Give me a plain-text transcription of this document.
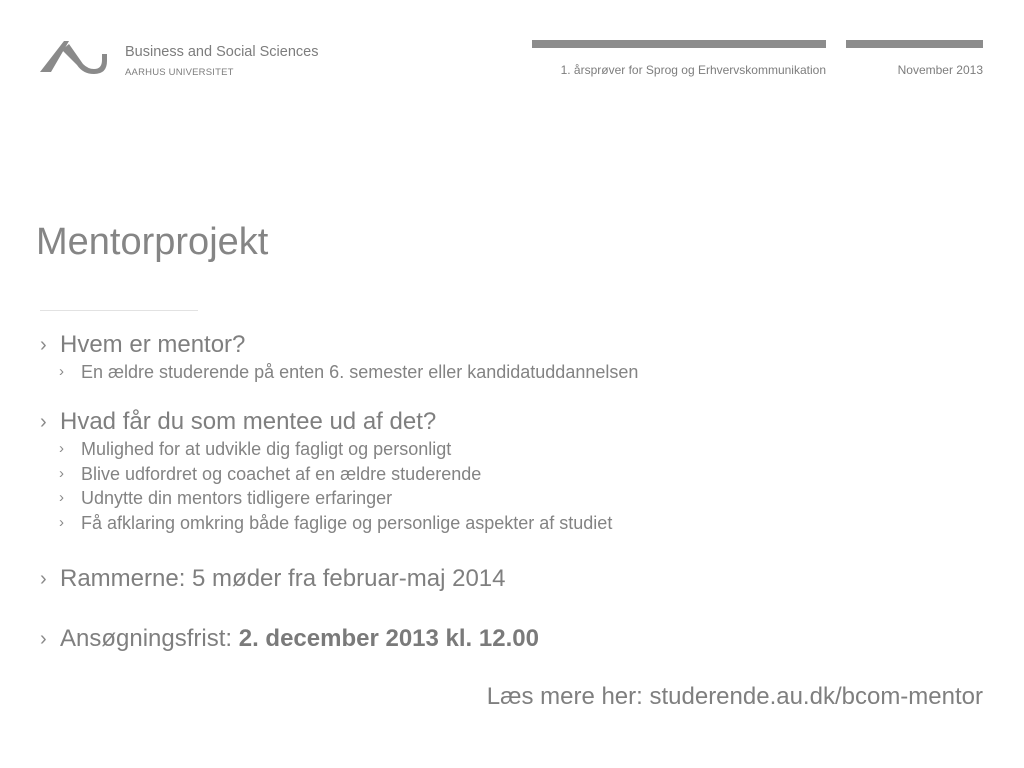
Business and Social Sciences
AARHUS UNIVERSITET	1. årsprøver for Sprog og Erhvervskommunikation	November 2013
Mentorprojekt
› Hvem er mentor?
› En ældre studerende på enten 6. semester eller kandidatuddannelsen
› Hvad får du som mentee ud af det?
› Mulighed for at udvikle dig fagligt og personligt
› Blive udfordret og coachet af en ældre studerende
› Udnytte din mentors tidligere erfaringer
› Få afklaring omkring både faglige og personlige aspekter af studiet
› Rammerne: 5 møder fra februar-maj 2014
› Ansøgningsfrist: 2. december 2013 kl. 12.00
Læs mere her: studerende.au.dk/bcom-mentor
